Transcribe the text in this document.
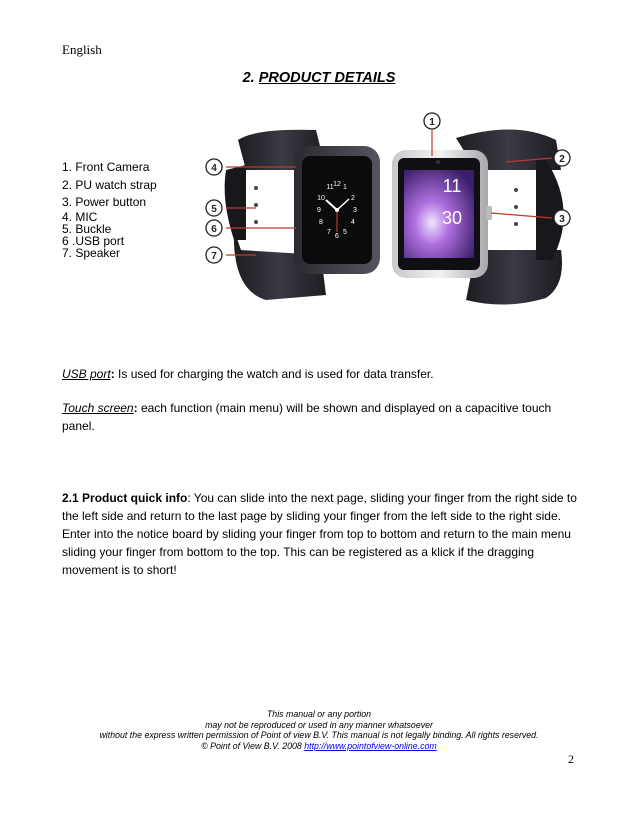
English
2. PRODUCT DETAILS
1. Front Camera
2. PU watch strap
3. Power button
4. MIC
5. Buckle
6 .USB port
7. Speaker
11 12 1
10	2
9	3
8	4
7 5
6
11
30
1
2
3
4
5
6
7
USB port: Is used for charging the watch and is used for data transfer.
Touch screen: each function (main menu) will be shown and displayed on a capacitive touch panel.
2.1 Product quick info: You can slide into the next page, sliding your finger from the right side to the left side and return to the last page by sliding your finger from the left side to the right side. Enter into the notice board by sliding your finger from top to bottom and return to the main menu sliding your finger from bottom to the top. This can be registered as a klick if the dragging movement is to short!
This manual or any portion
may not be reproduced or used in any manner whatsoever
without the express written permission of Point of view B.V. This manual is not legally binding. All rights reserved.
© Point of View B.V. 2008 http://www.pointofview-online.com
2
